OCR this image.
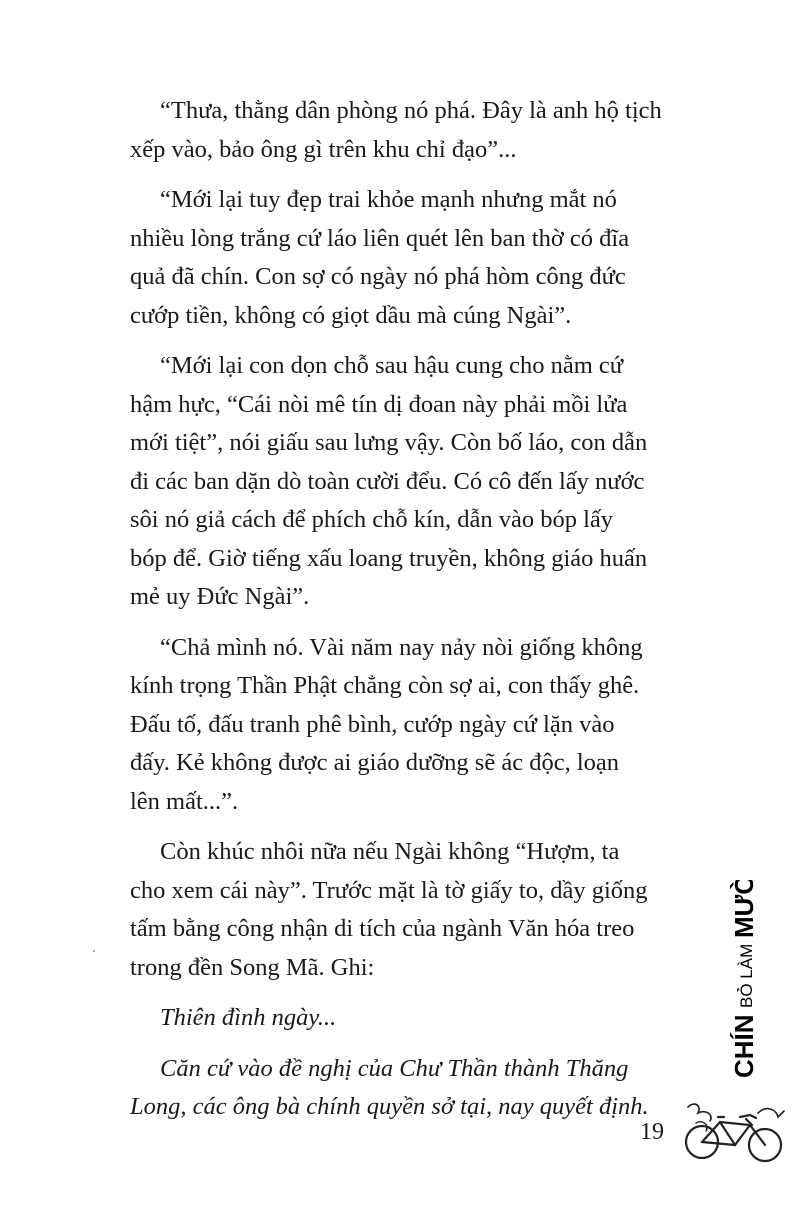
“Thưa, thằng dân phòng nó phá. Đây là anh hộ tịch
xếp vào, bảo ông gì trên khu chỉ đạo”...

“Mới lại tuy đẹp trai khỏe mạnh nhưng mắt nó
nhiều lòng trắng cứ láo liên quét lên ban thờ có đĩa
quả đã chín. Con sợ có ngày nó phá hòm công đức
cướp tiền, không có giọt dầu mà cúng Ngài”.

“Mới lại con dọn chỗ sau hậu cung cho nằm cứ
hậm hực, “Cái nòi mê tín dị đoan này phải mồi lửa
mới tiệt”, nói giấu sau lưng vậy. Còn bố láo, con dẫn
đi các ban dặn dò toàn cười đểu. Có cô đến lấy nước
sôi nó giả cách để phích chỗ kín, dẫn vào bóp lấy
bóp để. Giờ tiếng xấu loang truyền, không giáo huấn
mẻ uy Đức Ngài”.

“Chả mình nó. Vài năm nay nảy nòi giống không
kính trọng Thần Phật chẳng còn sợ ai, con thấy ghê.
Đấu tố, đấu tranh phê bình, cướp ngày cứ lặn vào
đấy. Kẻ không được ai giáo dưỡng sẽ ác độc, loạn
lên mất...”.

Còn khúc nhôi nữa nếu Ngài không “Hượm, ta
cho xem cái này”. Trước mặt là tờ giấy to, dầy giống
tấm bằng công nhận di tích của ngành Văn hóa treo
trong đền Song Mã. Ghi:

Thiên đình ngày...

Căn cứ vào đề nghị của Chư Thần thành Thăng
Long, các ông bà chính quyền sở tại, nay quyết định.

CHÍN
BỎ LÀM
MƯỜI
19
